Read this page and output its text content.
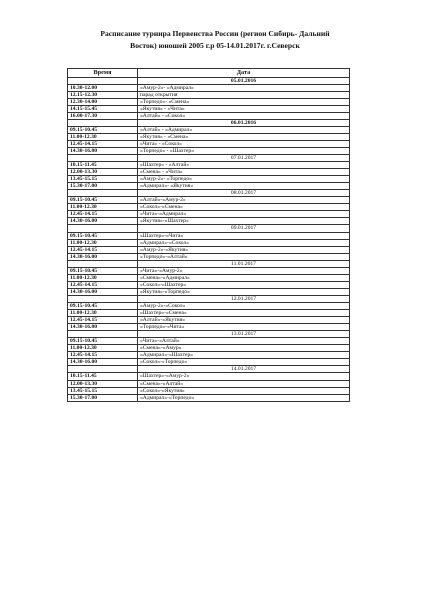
Расписание турнира Первенства России (регион Сибирь- Дальний
Восток) юношей 2005 г.р 05-14.01.2017г. г.Северск
Время	Дата
	05.01.2016
10.30-12.00	«Амур-2»- «Адмирал»
12.15-12.30	парад открытия
12.30-14.00	«Торпедо»- «Смена»
14.15-15.45	«Якутия» - «Чита»
16.00-17.30	«Алтай» - «Сокол»
	06.01.2016
09.15-10.45	«Алтай» - «Адмирал»
11.00-12.30	«Якутия» - «Смена»
12.45-14.15	«Чита» - «Сокол»
14.30-16.00	«Торпедо» - «Шахтер»
	07.01.2017
10.15-11.45	«Шахтер» - «Алтай»
12.00-13.30	«Смена» - «Чита»
13.45-15.15	«Амур-2»- «Торпедо»
15.30-17.00	«Адмирал»- «Якутия»
	08.01.2017
09.15-10.45	«Алтай»-«Амур-2»
11.00-12.30	«Сокол»-«Смена»
12.45-14.15	«Чита»-«Адмирал»
14.30-16.00	«Якутия»-«Шахтер»
	09.01.2017
09.15-10.45	«Шахтер»-«Чита»
11.00-12.30	«Адмирал»-«Сокол»
12.45-14.15	«Амур-2»-«Якутия»
14.30-16.00	«Торпедо»-«Алтай»
	11.01.2017
09.15-10.45	«Чита»-«Амур-2»
11.00-12.30	«Смена»-«Адмирал»
12.45-14.15	«Сокол»-«Шахтер»
14.30-16.00	«Якутия»-«Торпедо»
	12.01.2017
09.15-10.45	«Амур-2»-«Сокол»
11.00-12.30	«Шахтер»-«Смена»
12.45-14.15	«Алтай»-«Якутия»
14.30-16.00	«Торпедо»-«Чита»
	13.01.2017
09.15-10.45	«Чита»-«Алтай»
11.00-12.30	«Смена»-«Амур»
12.45-14.15	«Адмирал»-«Шахтер»
14.30-16.00	«Сокол»-«Торпедо»
	14.01.2017
10.15-11.45	«Шахтер»-«Амур-2»
12.00-13.30	«Смена»-«Алтай»
13.45-15.15	«Сокол»-«Якутия»
15.30-17.00	«Адмирал»-«Торпедо»
